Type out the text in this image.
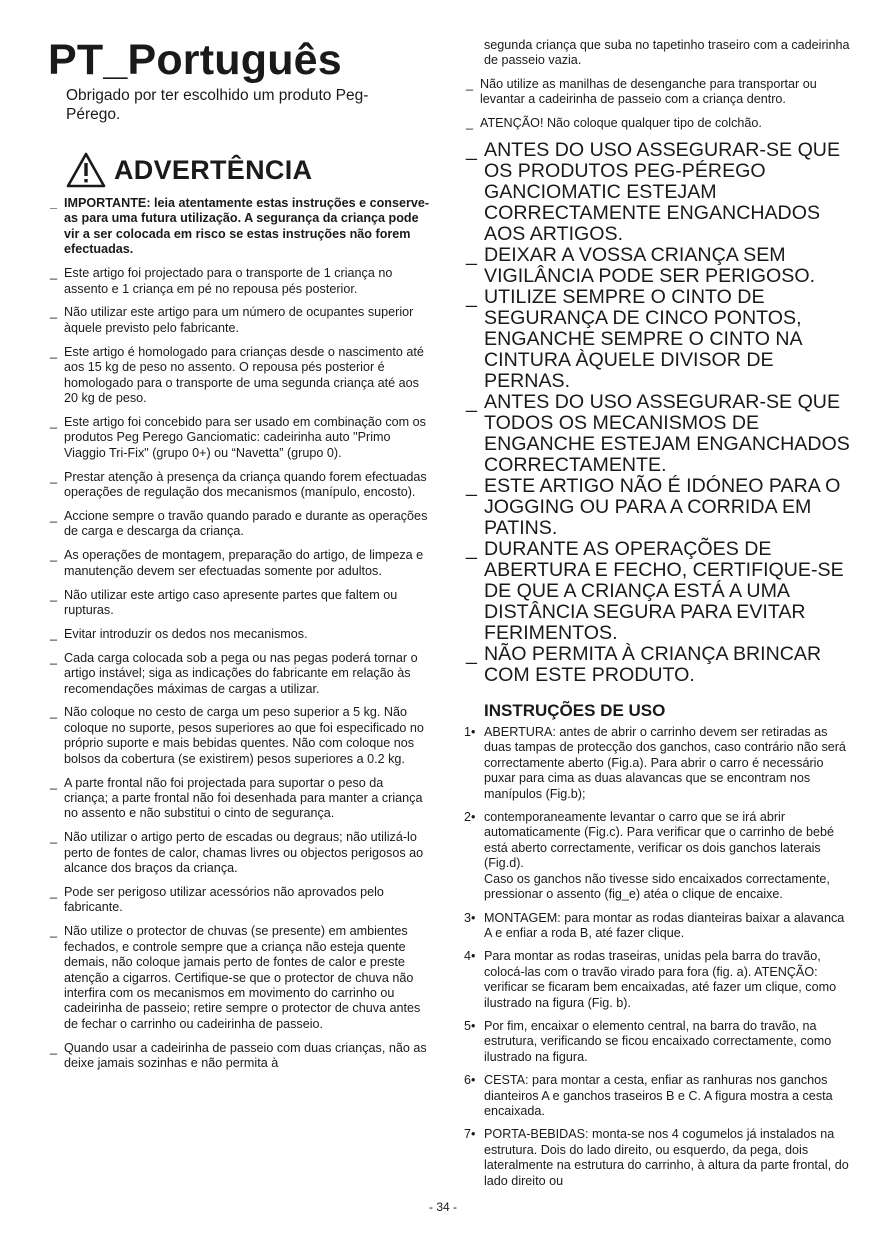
PT_Português

Obrigado por ter escolhido um produto Peg-Pérego.

ADVERTÊNCIA
_ IMPORTANTE: leia atentamente estas instruções e conserve-as para uma futura utilização. A segurança da criança pode vir a ser colocada em risco se estas instruções não forem efectuadas.
_ Este artigo foi projectado para o transporte de 1 criança no assento e 1 criança em pé no repousa pés posterior.
_ Não utilizar este artigo para um número de ocupantes superior àquele previsto pelo fabricante.
_ Este artigo é homologado para crianças desde o nascimento até aos 15 kg de peso no assento. O repousa pés posterior é homologado para o transporte de uma segunda criança até aos 20 kg de peso.
_ Este artigo foi concebido para ser usado em combinação com os produtos Peg Perego Ganciomatic: cadeirinha auto "Primo Viaggio Tri-Fix" (grupo 0+) ou “Navetta” (grupo 0).
_ Prestar atenção à presença da criança quando forem efectuadas operações de regulação dos mecanismos (manípulo, encosto).
_ Accione sempre o travão quando parado e durante as operações de carga e descarga da criança.
_ As operações de montagem, preparação do artigo, de limpeza e manutenção devem ser efectuadas somente por adultos.
_ Não utilizar este artigo caso apresente partes que faltem ou rupturas.
_ Evitar introduzir os dedos nos mecanismos.
_ Cada carga colocada sob a pega ou nas pegas poderá tornar o artigo instável; siga as indicações do fabricante em relação às recomendações máximas de cargas a utilizar.
_ Não coloque no cesto de carga um peso superior a 5 kg. Não coloque no suporte, pesos superiores ao que foi especificado no próprio suporte e mais bebidas quentes. Não com coloque nos bolsos da cobertura (se existirem) pesos superiores a 0.2 kg.
_ A parte frontal não foi projectada para suportar o peso da criança; a parte frontal não foi desenhada para manter a criança no assento e não substitui o cinto de segurança.
_ Não utilizar o artigo perto de escadas ou degraus; não utilizá-lo perto de fontes de calor, chamas livres ou objectos perigosos ao alcance dos braços da criança.
_ Pode ser perigoso utilizar acessórios não aprovados pelo fabricante.
_ Não utilize o protector de chuvas (se presente) em ambientes fechados, e controle sempre que a criança não esteja quente demais, não coloque jamais perto de fontes de calor e preste atenção a cigarros. Certifique-se que o protector de chuva não interfira com os mecanismos em movimento do carrinho ou cadeirinha de passeio; retire sempre o protector de chuva antes de fechar o carrinho ou cadeirinha de passeio.
_ Quando usar a cadeirinha de passeio com duas crianças, não as deixe jamais sozinhas e não permita à

segunda criança que suba no tapetinho traseiro com a cadeirinha de passeio vazia.

_ Não utilize as manilhas de desenganche para transportar ou levantar a cadeirinha de passeio com a criança dentro.
_ ATENÇÃO! Não coloque qualquer tipo de colchão.
_ ANTES DO USO ASSEGURAR-SE QUE OS PRODUTOS PEG-PÉREGO GANCIOMATIC ESTEJAM CORRECTAMENTE ENGANCHADOS AOS ARTIGOS.
_ DEIXAR A VOSSA CRIANÇA SEM VIGILÂNCIA PODE SER PERIGOSO.
_ UTILIZE SEMPRE O CINTO DE SEGURANÇA DE CINCO PONTOS, ENGANCHE SEMPRE O CINTO NA CINTURA ÀQUELE DIVISOR DE PERNAS.
_ ANTES DO USO ASSEGURAR-SE QUE TODOS OS MECANISMOS DE ENGANCHE ESTEJAM ENGANCHADOS CORRECTAMENTE.
_ ESTE ARTIGO NÃO É IDÓNEO PARA O JOGGING OU PARA A CORRIDA EM PATINS.
_ DURANTE AS OPERAÇÕES DE ABERTURA E FECHO, CERTIFIQUE-SE DE QUE A CRIANÇA ESTÁ A UMA DISTÂNCIA SEGURA PARA EVITAR FERIMENTOS.
_ NÃO PERMITA À CRIANÇA BRINCAR COM ESTE PRODUTO.
INSTRUÇÕES DE USO
1• ABERTURA: antes de abrir o carrinho devem ser retiradas as duas tampas de protecção dos ganchos, caso contrário não será correctamente aberto (Fig.a). Para abrir o carro é necessário puxar para cima as duas alavancas que se encontram nos manípulos (Fig.b);
2• contemporaneamente levantar o carro que se irá abrir automaticamente (Fig.c). Para verificar que o carrinho de bebé está aberto correctamente, verificar os dois ganchos laterais (Fig.d).
Caso os ganchos não tivesse sido encaixados correctamente, pressionar o assento (fig_e) atéa o clique de encaixe.
3• MONTAGEM: para montar as rodas dianteiras baixar a alavanca A e enfiar a roda B, até fazer clique.
4• Para montar as rodas traseiras, unidas pela barra do travão, colocá-las com o travão virado para fora (fig. a). ATENÇÃO: verificar se ficaram bem encaixadas, até fazer um clique, como ilustrado na figura (Fig. b).
5• Por fim, encaixar o elemento central, na barra do travão, na estrutura, verificando se ficou encaixado correctamente, como ilustrado na figura.
6• CESTA: para montar a cesta, enfiar as ranhuras nos ganchos dianteiros A e ganchos traseiros B e C. A figura mostra a cesta encaixada.
7• PORTA-BEBIDAS: monta-se nos 4 cogumelos já instalados na estrutura. Dois do lado direito, ou esquerdo, da pega, dois lateralmente na estrutura do carrinho, à altura da parte frontal, do lado direito ou
- 34 -
